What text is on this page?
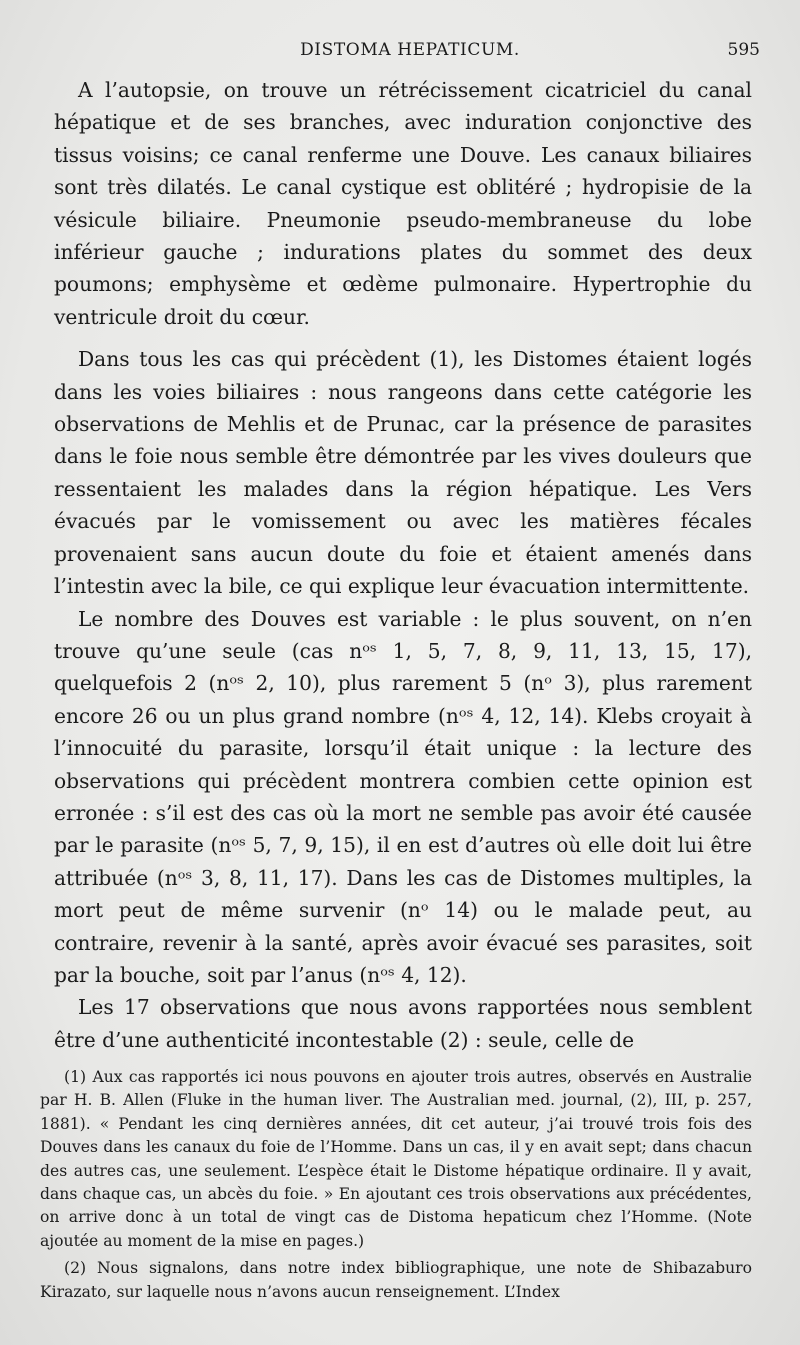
DISTOMA HEPATICUM.	595

A l’autopsie, on trouve un rétrécissement cicatriciel du canal hépatique et de ses branches, avec induration conjonctive des tissus voisins; ce canal renferme une Douve. Les canaux biliaires sont très dilatés. Le canal cystique est oblitéré ; hydropisie de la vésicule biliaire. Pneumonie pseudo-membraneuse du lobe inférieur gauche ; indurations plates du sommet des deux poumons; emphysème et œdème pulmonaire. Hypertrophie du ventricule droit du cœur.

Dans tous les cas qui précèdent (1), les Distomes étaient logés dans les voies biliaires : nous rangeons dans cette catégorie les observations de Mehlis et de Prunac, car la présence de parasites dans le foie nous semble être démontrée par les vives douleurs que ressentaient les malades dans la région hépatique. Les Vers évacués par le vomissement ou avec les matières fécales provenaient sans aucun doute du foie et étaient amenés dans l’intestin avec la bile, ce qui explique leur évacuation intermittente.

Le nombre des Douves est variable : le plus souvent, on n’en trouve qu’une seule (cas nᵒˢ 1, 5, 7, 8, 9, 11, 13, 15, 17), quelquefois 2 (nᵒˢ 2, 10), plus rarement 5 (nᵒ 3), plus rarement encore 26 ou un plus grand nombre (nᵒˢ 4, 12, 14). Klebs croyait à l’innocuité du parasite, lorsqu’il était unique : la lecture des observations qui précèdent montrera combien cette opinion est erronée : s’il est des cas où la mort ne semble pas avoir été causée par le parasite (nᵒˢ 5, 7, 9, 15), il en est d’autres où elle doit lui être attribuée (nᵒˢ 3, 8, 11, 17). Dans les cas de Distomes multiples, la mort peut de même survenir (nᵒ 14) ou le malade peut, au contraire, revenir à la santé, après avoir évacué ses parasites, soit par la bouche, soit par l’anus (nᵒˢ 4, 12).

Les 17 observations que nous avons rapportées nous semblent être d’une authenticité incontestable (2) : seule, celle de

(1) Aux cas rapportés ici nous pouvons en ajouter trois autres, observés en Australie par H. B. Allen (Fluke in the human liver. The Australian med. journal, (2), III, p. 257, 1881). « Pendant les cinq dernières années, dit cet auteur, j’ai trouvé trois fois des Douves dans les canaux du foie de l’Homme. Dans un cas, il y en avait sept; dans chacun des autres cas, une seulement. L’espèce était le Distome hépatique ordinaire. Il y avait, dans chaque cas, un abcès du foie. » En ajoutant ces trois observations aux précédentes, on arrive donc à un total de vingt cas de Distoma hepaticum chez l’Homme. (Note ajoutée au moment de la mise en pages.)

(2) Nous signalons, dans notre index bibliographique, une note de Shibazaburo Kirazato, sur laquelle nous n’avons aucun renseignement. L’Index
